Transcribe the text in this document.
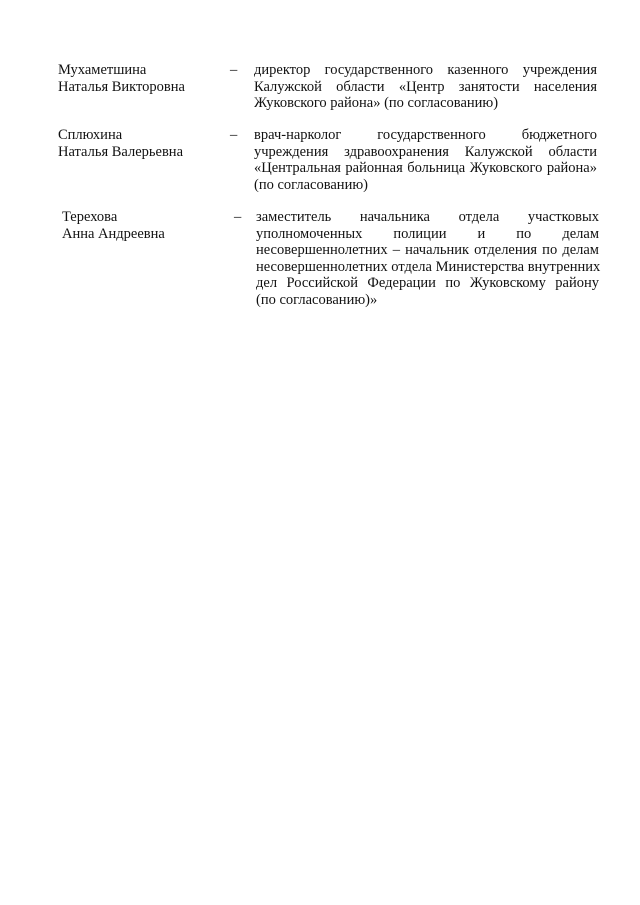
Мухаметшина
Наталья Викторовна
–	директор государственного казенного учреждения
Калужской области «Центр занятости населения
Жуковского района» (по согласованию)
Сплюхина
Наталья Валерьевна
–	врач-нарколог государственного бюджетного
учреждения здравоохранения Калужской области
«Центральная районная больница Жуковского района»
(по согласованию)
Терехова
Анна Андреевна
–	заместитель начальника отдела участковых
уполномоченных полиции и по делам
несовершеннолетних – начальник отделения по делам
несовершеннолетних отдела Министерства внутренних
дел Российской Федерации по Жуковскому району
(по согласованию)»
